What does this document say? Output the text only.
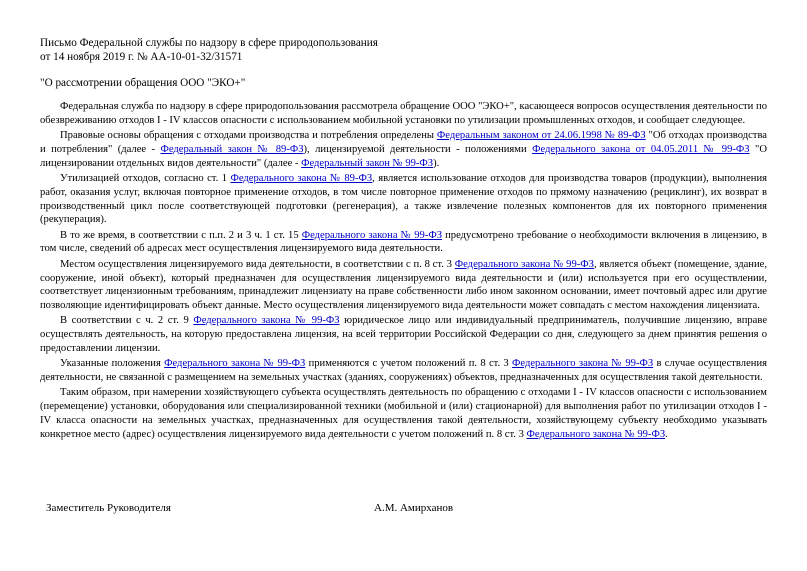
Письмо Федеральной службы по надзору в сфере природопользования
от 14 ноября 2019 г. № АА-10-01-32/31571
"О рассмотрении обращения ООО "ЭКО+"

Федеральная служба по надзору в сфере природопользования рассмотрела обращение ООО "ЭКО+", касающееся вопросов осуществления деятельности по обезвреживанию отходов I - IV классов опасности с использованием мобильной установки по утилизации промышленных отходов, и сообщает следующее.

Правовые основы обращения с отходами производства и потребления определены Федеральным законом от 24.06.1998 № 89-ФЗ "Об отходах производства и потребления" (далее - Федеральный закон № 89-ФЗ), лицензируемой деятельности - положениями Федерального закона от 04.05.2011 № 99-ФЗ "О лицензировании отдельных видов деятельности" (далее - Федеральный закон № 99-ФЗ).

Утилизацией отходов, согласно ст. 1 Федерального закона № 89-ФЗ, является использование отходов для производства товаров (продукции), выполнения работ, оказания услуг, включая повторное применение отходов, в том числе повторное применение отходов по прямому назначению (рециклинг), их возврат в производственный цикл после соответствующей подготовки (регенерация), а также извлечение полезных компонентов для их повторного применения (рекуперация).

В то же время, в соответствии с п.п. 2 и 3 ч. 1 ст. 15 Федерального закона № 99-ФЗ предусмотрено требование о необходимости включения в лицензию, в том числе, сведений об адресах мест осуществления лицензируемого вида деятельности.

Местом осуществления лицензируемого вида деятельности, в соответствии с п. 8 ст. 3 Федерального закона № 99-ФЗ, является объект (помещение, здание, сооружение, иной объект), который предназначен для осуществления лицензируемого вида деятельности и (или) используется при его осуществлении, соответствует лицензионным требованиям, принадлежит лицензиату на праве собственности либо ином законном основании, имеет почтовый адрес или другие позволяющие идентифицировать объект данные. Место осуществления лицензируемого вида деятельности может совпадать с местом нахождения лицензиата.

В соответствии с ч. 2 ст. 9 Федерального закона № 99-ФЗ юридическое лицо или индивидуальный предприниматель, получившие лицензию, вправе осуществлять деятельность, на которую предоставлена лицензия, на всей территории Российской Федерации со дня, следующего за днем принятия решения о предоставлении лицензии.

Указанные положения Федерального закона № 99-ФЗ применяются с учетом положений п. 8 ст. 3 Федерального закона № 99-ФЗ в случае осуществления деятельности, не связанной с размещением на земельных участках (зданиях, сооружениях) объектов, предназначенных для осуществления такой деятельности.

Таким образом, при намерении хозяйствующего субъекта осуществлять деятельность по обращению с отходами I - IV классов опасности с использованием (перемещение) установки, оборудования или специализированной техники (мобильной и (или) стационарной) для выполнения работ по утилизации отходов I - IV класса опасности на земельных участках, предназначенных для осуществления такой деятельности, хозяйствующему субъекту необходимо указывать конкретное место (адрес) осуществления лицензируемого вида деятельности с учетом положений п. 8 ст. 3 Федерального закона № 99-ФЗ.

Заместитель Руководителя	А.М. Амирханов
